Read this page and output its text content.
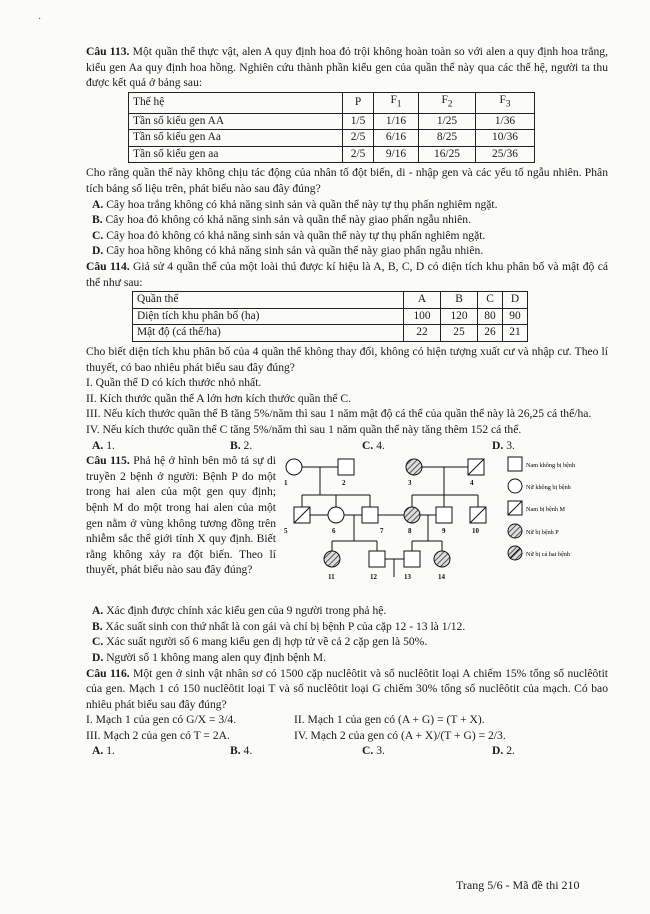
·

Câu 113. Một quần thể thực vật, alen A quy định hoa đỏ trội không hoàn toàn so với alen a quy định hoa trắng, kiểu gen Aa quy định hoa hồng. Nghiên cứu thành phần kiểu gen của quần thể này qua các thế hệ, người ta thu được kết quả ở bảng sau:

Thế hệ	P	$F_1$	$F_2$	$F_3$
Tần số kiểu gen AA	1/5	1/16	1/25	1/36
Tần số kiểu gen Aa	2/5	6/16	8/25	10/36
Tần số kiểu gen aa	2/5	9/16	16/25	25/36

Cho rằng quần thể này không chịu tác động của nhân tố đột biến, di - nhập gen và các yếu tố ngẫu nhiên. Phân tích bảng số liệu trên, phát biểu nào sau đây đúng?

A. Cây hoa trắng không có khả năng sinh sản và quần thể này tự thụ phấn nghiêm ngặt.

B. Cây hoa đỏ không có khả năng sinh sản và quần thể này giao phấn ngẫu nhiên.

C. Cây hoa đỏ không có khả năng sinh sản và quần thể này tự thụ phấn nghiêm ngặt.

D. Cây hoa hồng không có khả năng sinh sản và quần thể này giao phấn ngẫu nhiên.

Câu 114. Giả sử 4 quần thể của một loài thú được kí hiệu là A, B, C, D có diện tích khu phân bố và mật độ cá thể như sau:

Quần thể	A	B	C	D
Diện tích khu phân bố (ha)	100	120	80	90
Mật độ (cá thể/ha)	22	25	26	21

Cho biết diện tích khu phân bố của 4 quần thể không thay đổi, không có hiện tượng xuất cư và nhập cư. Theo lí thuyết, có bao nhiêu phát biểu sau đây đúng?

I. Quần thể D có kích thước nhỏ nhất.

II. Kích thước quần thể A lớn hơn kích thước quần thể C.

III. Nếu kích thước quần thể B tăng 5%/năm thì sau 1 năm mật độ cá thể của quần thể này là 26,25 cá thể/ha.

IV. Nếu kích thước quần thể C tăng 5%/năm thì sau 1 năm quần thể này tăng thêm 152 cá thể.

A. 1.	B. 2.	C. 4.	D. 3.

Câu 115. Phả hệ ở hình bên mô tả sự di truyền 2 bệnh ở người: Bệnh P do một trong hai alen của một gen quy định; bệnh M do một trong hai alen của một gen nằm ở vùng không tương đồng trên nhiễm sắc thể giới tính X quy định. Biết rằng không xảy ra đột biến. Theo lí thuyết, phát biểu nào sau đây đúng?

1	2	3	4
5	6	7	8	9	10
11	12	13	14
Nam không bị bệnh
Nữ không bị bệnh
Nam bị bệnh M
Nữ bị bệnh P
Nữ bị cả hai bệnh

A. Xác định được chính xác kiểu gen của 9 người trong phả hệ.

B. Xác suất sinh con thứ nhất là con gái và chỉ bị bệnh P của cặp 12 - 13 là 1/12.

C. Xác suất người số 6 mang kiểu gen dị hợp tử về cả 2 cặp gen là 50%.

D. Người số 1 không mang alen quy định bệnh M.

Câu 116. Một gen ở sinh vật nhân sơ có 1500 cặp nuclêôtit và số nuclêôtit loại A chiếm 15% tổng số nuclêôtit của gen. Mạch 1 có 150 nuclêôtit loại T và số nuclêôtit loại G chiếm 30% tổng số nuclêôtit của mạch. Có bao nhiêu phát biểu sau đây đúng?

I. Mạch 1 của gen có G/X = 3/4.	II. Mạch 1 của gen có (A + G) = (T + X).
III. Mạch 2 của gen có T = 2A.	IV. Mạch 2 của gen có (A + X)/(T + G) = 2/3.
A. 1.	B. 4.	C. 3.	D. 2.
Trang 5/6 - Mã đề thi 210
